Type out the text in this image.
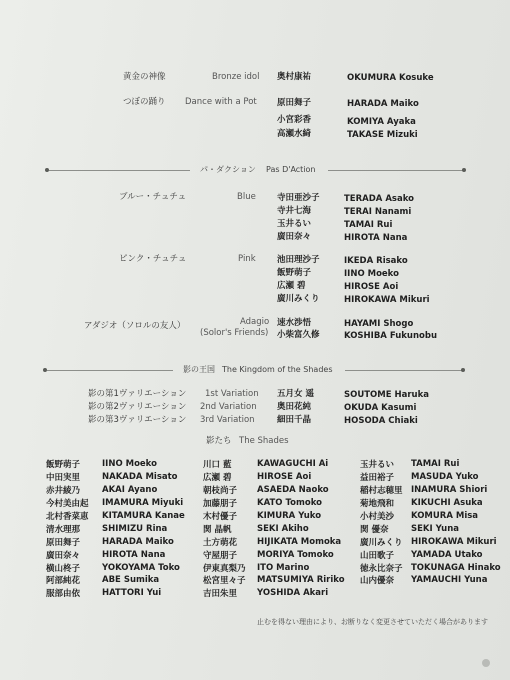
黄金の神像	Bronze idol 奥村康祐	OKUMURA Kosuke
つぼの踊り Dance with a Pot 原田舞子	HARADA Maiko
小宮彩香	KOMIYA Ayaka
高瀬水綺	TAKASE Mizuki
パ・ダクション Pas D'Action
ブルー・チュチュ	Blue 寺田亜沙子	TERADA Asako
寺井七海	TERAI Nanami
玉井るい	TAMAI Rui
廣田奈々	HIROTA Nana
ピンク・チュチュ	Pink	池田理沙子	IKEDA Risako
飯野萌子	IINO Moeko
広瀬 碧	HIROSE Aoi
廣川みくり	HIROKAWA Mikuri
アダジオ（ソロルの友人）	Adagio
(Solor's Friends)
速水渉悟	HAYAMI Shogo
小柴富久修	KOSHIBA Fukunobu
影の王国 The Kingdom of the Shades
影の第1ヴァリエーション 1st Variation 五月女 遥	SOUTOME Haruka
影の第2ヴァリエーション 2nd Variation 奥田花純	OKUDA Kasumi
影の第3ヴァリエーション 3rd Variation	細田千晶	HOSODA Chiaki
影たち The Shades
飯野萌子	IINO Moeko
中田実里	NAKADA Misato
赤井綾乃	AKAI Ayano
今村美由起	IMAMURA Miyuki
北村香菜恵	KITAMURA Kanae
清水理那	SHIMIZU Rina
原田舞子	HARADA Maiko
廣田奈々	HIROTA Nana
横山柊子	YOKOYAMA Toko
阿部純花	ABE Sumika
服部由依	HATTORI Yui
川口 藍	KAWAGUCHI Ai
広瀬 碧	HIROSE Aoi
朝枝尚子	ASAEDA Naoko
加藤朋子	KATO Tomoko
木村優子	KIMURA Yuko
関 晶帆	SEKI Akiho
土方萌花	HIJIKATA Momoka
守屋朋子	MORIYA Tomoko
伊東真梨乃	ITO Marino
松宮里々子	MATSUMIYA Ririko
吉田朱里	YOSHIDA Akari
玉井るい	TAMAI Rui
益田裕子	MASUDA Yuko
稲村志穂里 INAMURA Shiori
菊地飛和	KIKUCHI Asuka
小村美沙	KOMURA Misa
関 優奈	SEKI Yuna
廣川みくり HIROKAWA Mikuri
山田歌子	YAMADA Utako
徳永比奈子 TOKUNAGA Hinako
山内優奈	YAMAUCHI Yuna
止むを得ない理由により、お断りなく変更させていただく場合があります
